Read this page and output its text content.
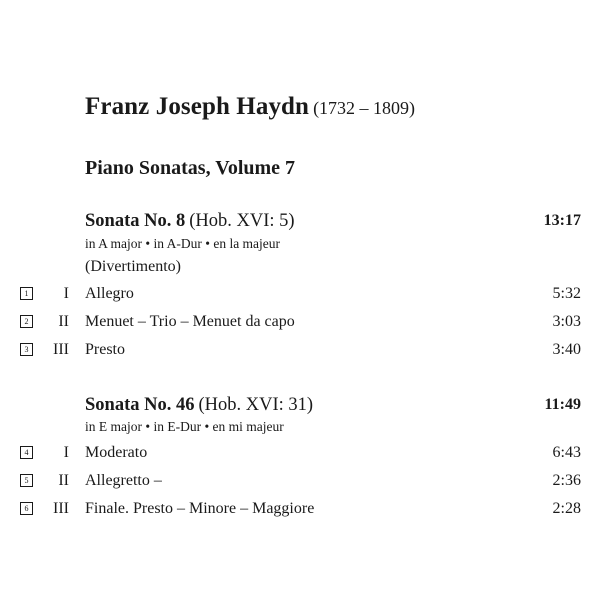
Franz Joseph Haydn (1732 – 1809)
Piano Sonatas, Volume 7
Sonata No. 8 (Hob. XVI: 5)	13:17
in A major • in A-Dur • en la majeur
(Divertimento)
1 I Allegro	5:32
2 II Menuet – Trio – Menuet da capo	3:03
3 III Presto	3:40
Sonata No. 46 (Hob. XVI: 31)	11:49
in E major • in E-Dur • en mi majeur
4 I Moderato	6:43
5 II Allegretto –	2:36
6 III Finale. Presto – Minore – Maggiore	2:28
